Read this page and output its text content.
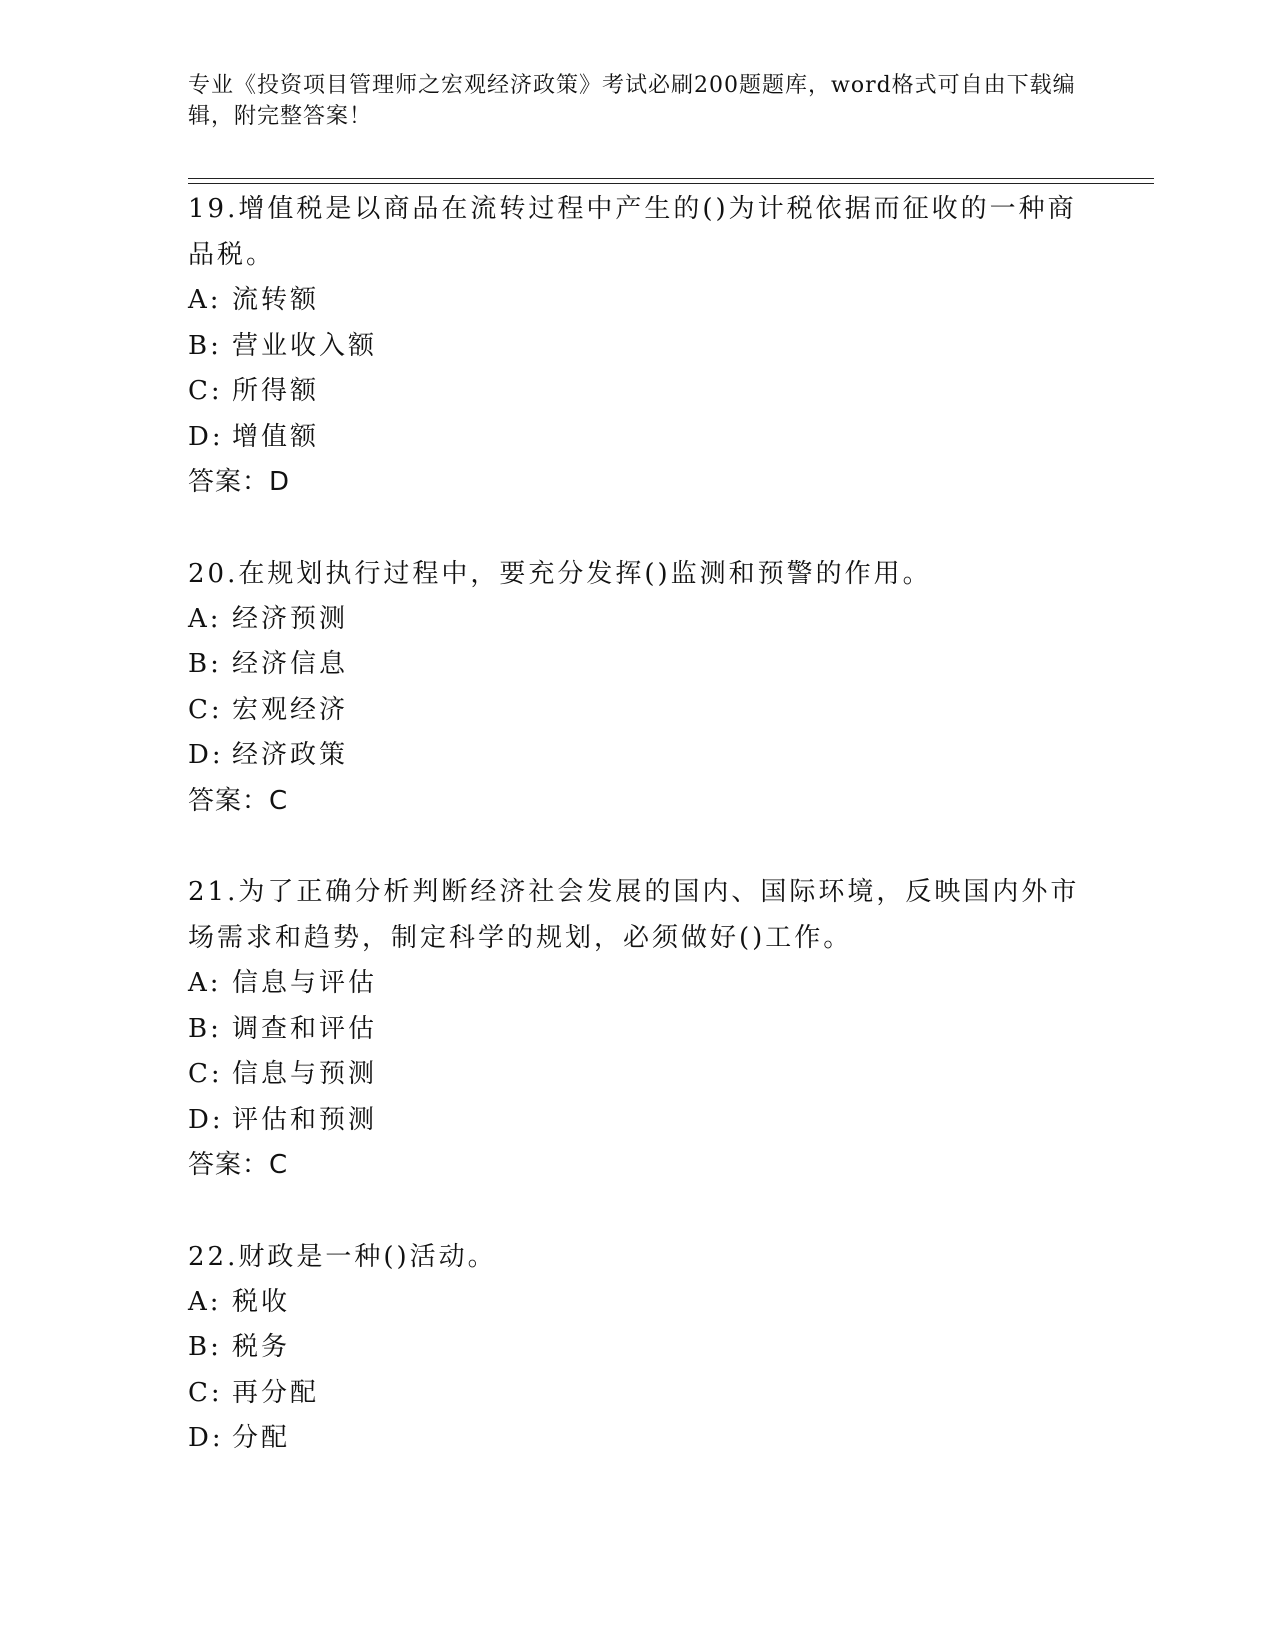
专业《投资项目管理师之宏观经济政策》考试必刷200题题库，word格式可自由下载编辑，附完整答案！

19.增值税是以商品在流转过程中产生的()为计税依据而征收的一种商品税。

A: 流转额

B: 营业收入额

C: 所得额

D: 增值额

答案：D

20.在规划执行过程中，要充分发挥()监测和预警的作用。

A: 经济预测

B: 经济信息

C: 宏观经济

D: 经济政策

答案：C

21.为了正确分析判断经济社会发展的国内、国际环境，反映国内外市场需求和趋势，制定科学的规划，必须做好()工作。

A: 信息与评估

B: 调查和评估

C: 信息与预测

D: 评估和预测

答案：C

22.财政是一种()活动。

A: 税收

B: 税务

C: 再分配

D: 分配
